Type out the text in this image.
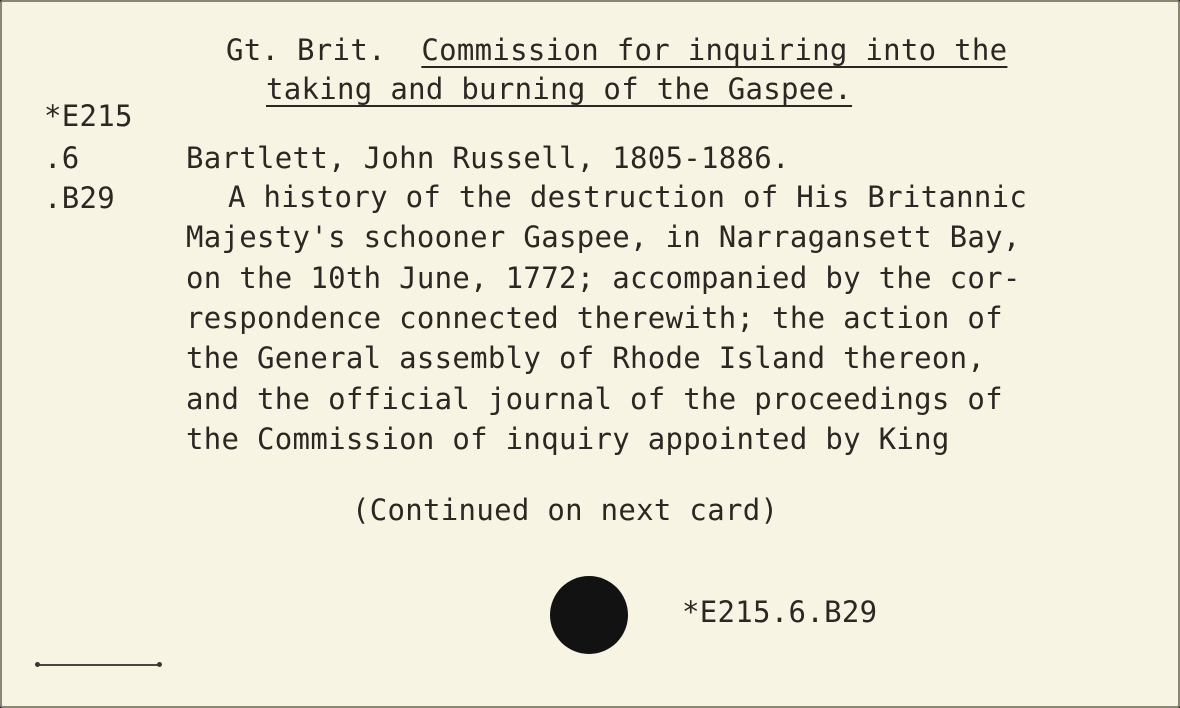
Gt. Brit. Commission for inquiring into the
taking and burning of the Gaspee.
*E215
.6
.B29
Bartlett, John Russell, 1805-1886.
A history of the destruction of His Britannic
Majesty's schooner Gaspee, in Narragansett Bay,
on the 10th June, 1772; accompanied by the cor-
respondence connected therewith; the action of
the General assembly of Rhode Island thereon,
and the official journal of the proceedings of
the Commission of inquiry appointed by King
(Continued on next card)
*E215.6.B29
